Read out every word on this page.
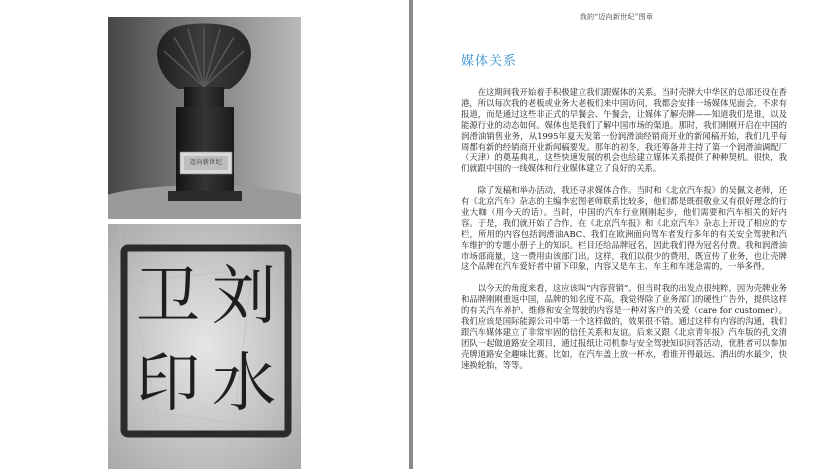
迈向新世纪
卫 刘
印 水
我的“迈向新世纪”图章
媒体关系

在这期间我开始着手积极建立我们跟媒体的关系。当时壳牌大中华区的总部还设在香港，所以每次我的老板或业务大老板们来中国访问，我都会安排一场媒体见面会，不求有报道，而是通过这些非正式的早餐会、午餐会，让媒体了解壳牌——知道我们是谁，以及能源行业的动态如何。媒体也是我们了解中国市场的渠道。那时，我们刚刚开启在中国的润滑油销售业务，从1995年夏天发第一份润滑油经销商开业的新闻稿开始，我们几乎每周都有新的经销商开业新闻稿要发。那年的初冬，我还筹备并主持了第一个润滑油调配厂（天津）的奠基典礼，这些快速发展的机会也给建立媒体关系提供了种种契机。很快，我们就跟中国的一线媒体和行业媒体建立了良好的关系。

除了发稿和举办活动，我还寻求媒体合作。当时和《北京汽车报》的吴佩文老师，还有《北京汽车》杂志的主编李宏图老师联系比较多，他们都是既很敬业又有很好理念的行业大咖（用今天的话）。当时，中国的汽车行业刚刚起步，他们需要和汽车相关的好内容。于是，我们就开始了合作，在《北京汽车报》和《北京汽车》杂志上开设了相应的专栏，所用的内容包括润滑油ABC、我们在欧洲面向驾车者发行多年的有关安全驾驶和汽车维护的专题小册子上的知识。栏目还给品牌冠名，因此我们得为冠名付费。我和润滑油市场部商量，这一费用由该部门出。这样，我们以很少的费用，既宣传了业务，也让壳牌这个品牌在汽车爱好者中留下印象，内容又是车主、车主和车迷急需的，一举多得。

以今天的角度来看，这应该叫“内容营销”。但当时我的出发点很纯粹，因为壳牌业务和品牌刚刚重返中国，品牌的知名度不高，我觉得除了业务部门的硬性广告外，提供这样的有关汽车养护、维修和安全驾驶的内容是一种对客户的关爱（care for customer）。我们应该是国际能源公司中第一个这样做的，效果很不错。通过这样有内容的沟通，我们跟汽车媒体建立了非常牢固的信任关系和友谊。后来又跟《北京青年报》汽车版的孔文清团队一起做道路安全项目，通过报纸让司机参与安全驾驶知识问答活动，优胜者可以参加壳牌道路安全趣味比赛。比如，在汽车盖上放一杯水，看谁开得最远、洒出的水最少，快速换轮胎，等等。
